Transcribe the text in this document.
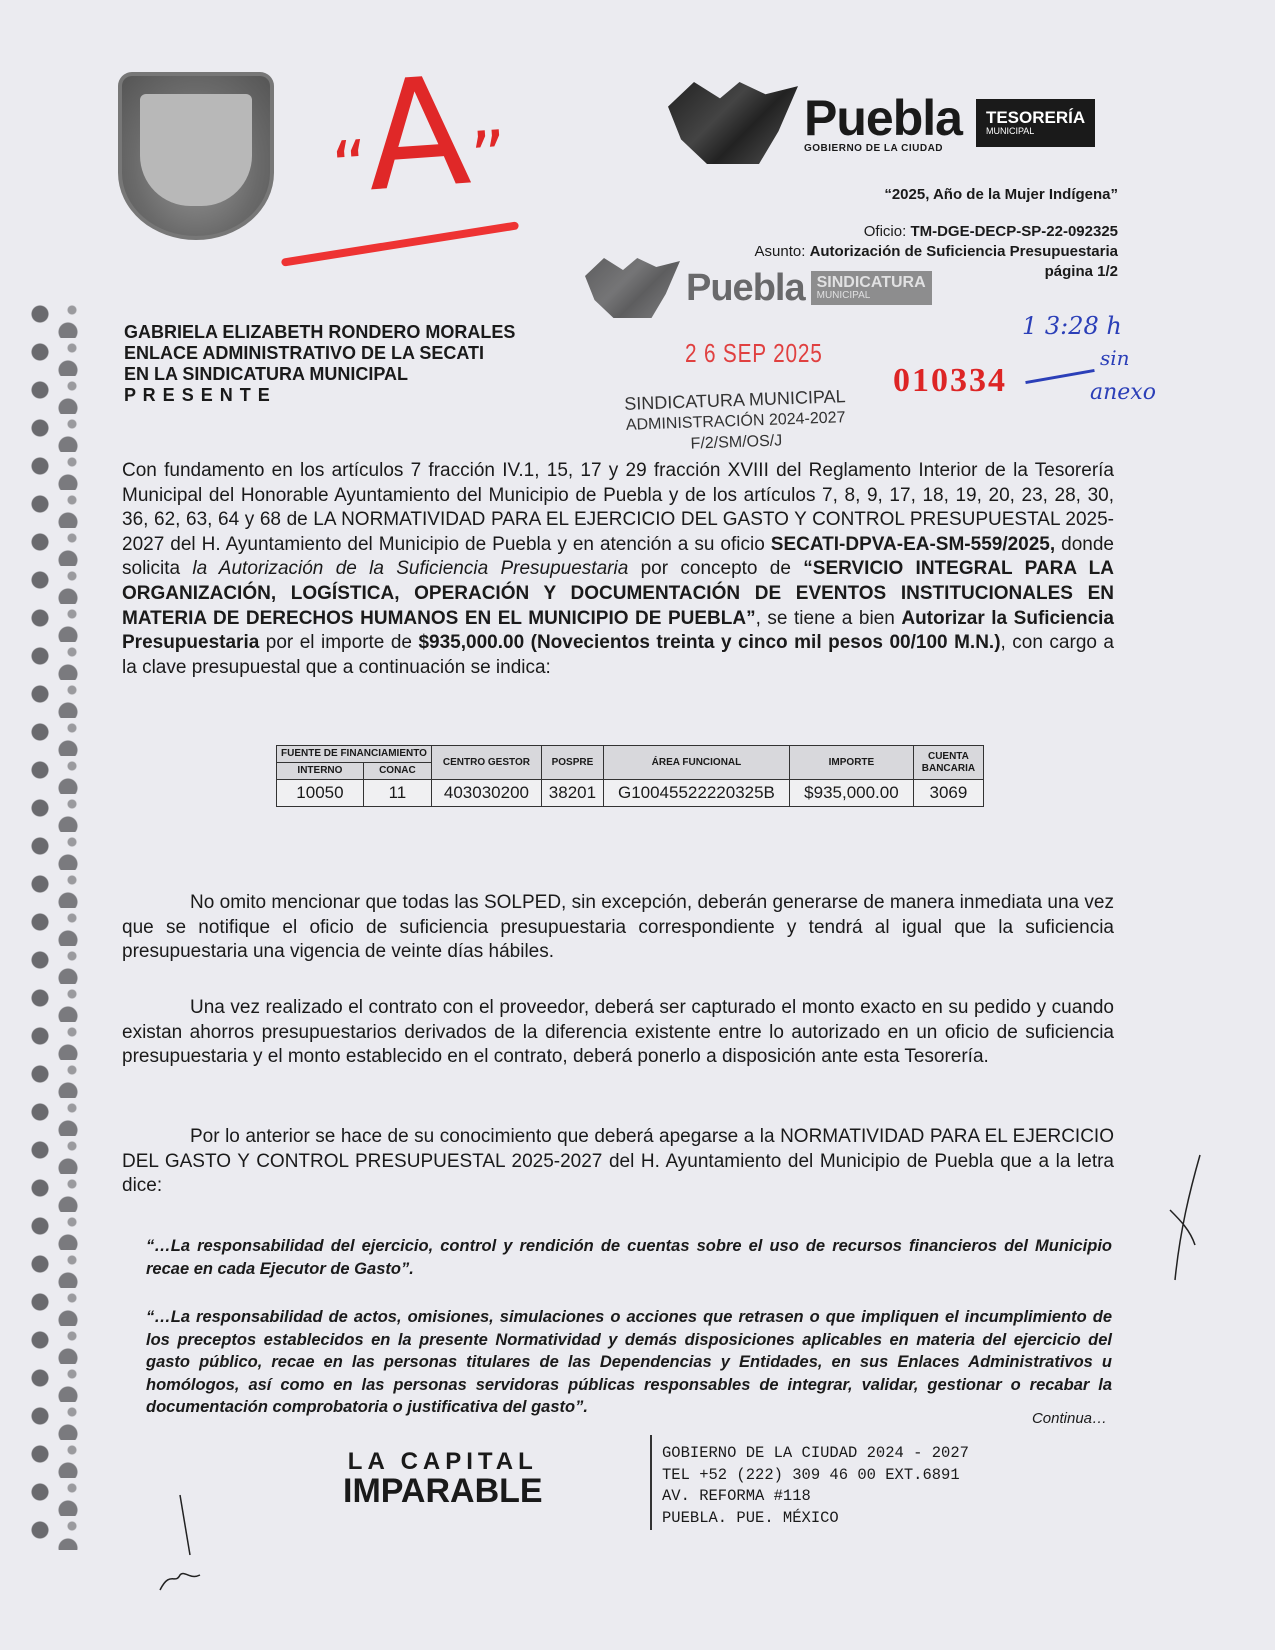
“A”	Puebla
GOBIERNO DE LA CIUDAD
TESORERÍA
MUNICIPAL
“2025, Año de la Mujer Indígena”
Oficio: TM-DGE-DECP-SP-22-092325
Asunto: Autorización de Suficiencia Presupuestaria
página 1/2
Puebla SINDICATURA
MUNICIPAL
GABRIELA ELIZABETH RONDERO MORALES
ENLACE ADMINISTRATIVO DE LA SECATI
EN LA SINDICATURA MUNICIPAL
P R E S E N T E
2 6 SEP 2025
010334
SINDICATURA MUNICIPAL
ADMINISTRACIÓN 2024-2027
F/2/SM/OS/J
1 3:28 h
sin
anexo
Con fundamento en los artículos 7 fracción IV.1, 15, 17 y 29 fracción XVIII del Reglamento Interior de la Tesorería Municipal del Honorable Ayuntamiento del Municipio de Puebla y de los artículos 7, 8, 9, 17, 18, 19, 20, 23, 28, 30, 36, 62, 63, 64 y 68 de LA NORMATIVIDAD PARA EL EJERCICIO DEL GASTO Y CONTROL PRESUPUESTAL 2025-2027 del H. Ayuntamiento del Municipio de Puebla y en atención a su oficio SECATI-DPVA-EA-SM-559/2025, donde solicita la Autorización de la Suficiencia Presupuestaria por concepto de “SERVICIO INTEGRAL PARA LA ORGANIZACIÓN, LOGÍSTICA, OPERACIÓN Y DOCUMENTACIÓN DE EVENTOS INSTITUCIONALES EN MATERIA DE DERECHOS HUMANOS EN EL MUNICIPIO DE PUEBLA”, se tiene a bien Autorizar la Suficiencia Presupuestaria por el importe de $935,000.00 (Novecientos treinta y cinco mil pesos 00/100 M.N.), con cargo a la clave presupuestal que a continuación se indica:
FUENTE DE FINANCIAMIENTO		CENTRO GESTOR	POSPRE	ÁREA FUNCIONAL	IMPORTE	CUENTA BANCARIA
INTERNO	CONAC					
10050	11	403030200	38201	G10045522220325B	$935,000.00	3069
No omito mencionar que todas las SOLPED, sin excepción, deberán generarse de manera inmediata una vez que se notifique el oficio de suficiencia presupuestaria correspondiente y tendrá al igual que la suficiencia presupuestaria una vigencia de veinte días hábiles.
Una vez realizado el contrato con el proveedor, deberá ser capturado el monto exacto en su pedido y cuando existan ahorros presupuestarios derivados de la diferencia existente entre lo autorizado en un oficio de suficiencia presupuestaria y el monto establecido en el contrato, deberá ponerlo a disposición ante esta Tesorería.
Por lo anterior se hace de su conocimiento que deberá apegarse a la NORMATIVIDAD PARA EL EJERCICIO DEL GASTO Y CONTROL PRESUPUESTAL 2025-2027 del H. Ayuntamiento del Municipio de Puebla que a la letra dice:
“…La responsabilidad del ejercicio, control y rendición de cuentas sobre el uso de recursos financieros del Municipio recae en cada Ejecutor de Gasto”.
“…La responsabilidad de actos, omisiones, simulaciones o acciones que retrasen o que impliquen el incumplimiento de los preceptos establecidos en la presente Normatividad y demás disposiciones aplicables en materia del ejercicio del gasto público, recae en las personas titulares de las Dependencias y Entidades, en sus Enlaces Administrativos u homólogos, así como en las personas servidoras públicas responsables de integrar, validar, gestionar o recabar la documentación comprobatoria o justificativa del gasto”.
Continua…
LA CAPITAL
IMPARABLE
GOBIERNO DE LA CIUDAD 2024 - 2027
TEL +52 (222) 309 46 00 EXT.6891
AV. REFORMA #118
PUEBLA. PUE. MÉXICO
